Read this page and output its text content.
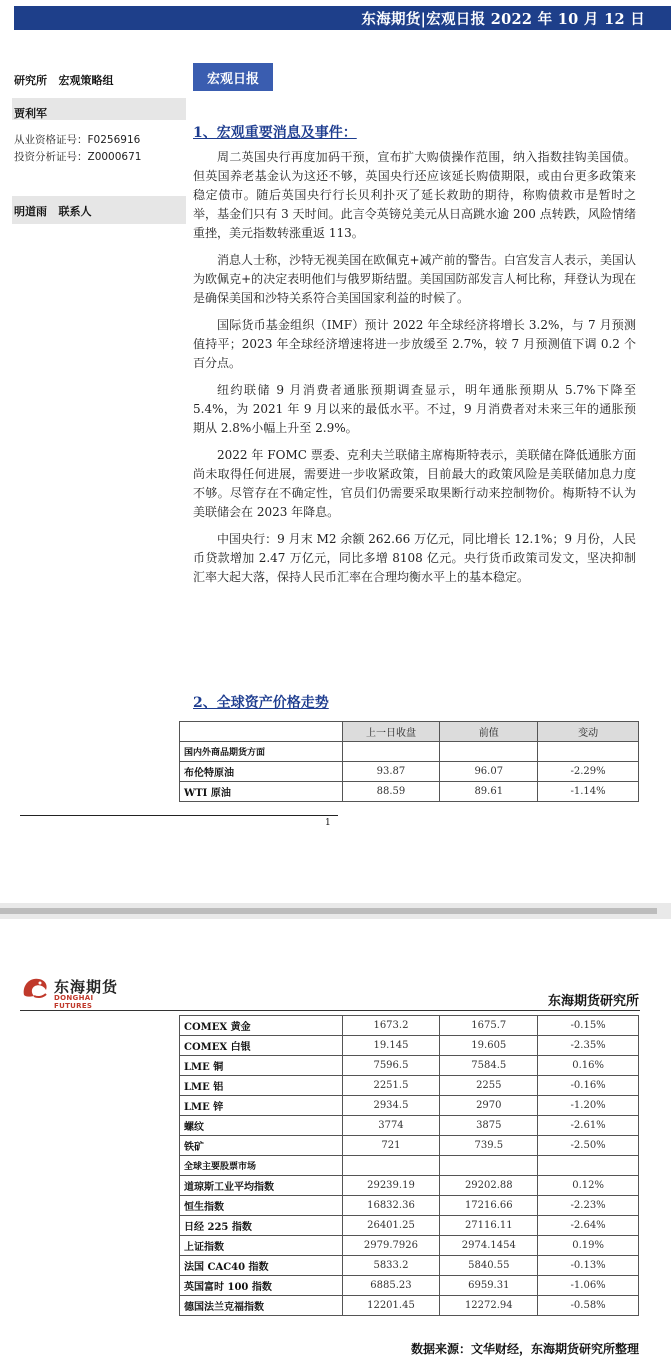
东海期货|宏观日报 2022 年 10 月 12 日
研究所   宏观策略组
贾利军
从业资格证号：F0256916
投资分析证号：Z0000671
明道雨   联系人
宏观日报
1、宏观重要消息及事件：

周二英国央行再度加码干预，宣布扩大购债操作范围，纳入指数挂钩美国债。但英国养老基金认为这还不够，英国央行还应该延长购债期限，或由台更多政策来稳定债市。随后英国央行行长贝利扑灭了延长救助的期待，称购债救市是暂时之举，基金们只有 3 天时间。此言令英镑兑美元从日高跳水逾 200 点转跌，风险情绪重挫，美元指数转涨重返 113。

消息人士称，沙特无视美国在欧佩克+减产前的警告。白宫发言人表示，美国认为欧佩克+的决定表明他们与俄罗斯结盟。美国国防部发言人柯比称，拜登认为现在是确保美国和沙特关系符合美国国家利益的时候了。

国际货币基金组织（IMF）预计 2022 年全球经济将增长 3.2%，与 7 月预测值持平；2023 年全球经济增速将进一步放缓至 2.7%，较 7 月预测值下调 0.2 个百分点。

纽约联储 9 月消费者通胀预期调查显示，明年通胀预期从 5.7%下降至 5.4%，为 2021 年 9 月以来的最低水平。不过，9 月消费者对未来三年的通胀预期从 2.8%小幅上升至 2.9%。

2022 年 FOMC 票委、克利夫兰联储主席梅斯特表示，美联储在降低通胀方面尚未取得任何进展，需要进一步收紧政策，目前最大的政策风险是美联储加息力度不够。尽管存在不确定性，官员们仍需要采取果断行动来控制物价。梅斯特不认为美联储会在 2023 年降息。

中国央行：9 月末 M2 余额 262.66 万亿元，同比增长 12.1%；9 月份，人民币贷款增加 2.47 万亿元，同比多增 8108 亿元。央行货币政策司发文，坚决抑制汇率大起大落，保持人民币汇率在合理均衡水平上的基本稳定。

2、全球资产价格走势
	上一日收盘	前值	变动
国内外商品期货方面			
布伦特原油	93.87	96.07	-2.29%
WTI 原油	88.59	89.61	-1.14%
1
东海期货
DONGHAI FUTURES	东海期货研究所
COMEX 黄金	1673.2	1675.7	-0.15%
COMEX 白银	19.145	19.605	-2.35%
LME 铜	7596.5	7584.5	0.16%
LME 铝	2251.5	2255	-0.16%
LME 锌	2934.5	2970	-1.20%
螺纹	3774	3875	-2.61%
铁矿	721	739.5	-2.50%
全球主要股票市场			
道琼斯工业平均指数	29239.19	29202.88	0.12%
恒生指数	16832.36	17216.66	-2.23%
日经 225 指数	26401.25	27116.11	-2.64%
上证指数	2979.7926	2974.1454	0.19%
法国 CAC40 指数	5833.2	5840.55	-0.13%
英国富时 100 指数	6885.23	6959.31	-1.06%
德国法兰克福指数	12201.45	12272.94	-0.58%
数据来源：文华财经，东海期货研究所整理
